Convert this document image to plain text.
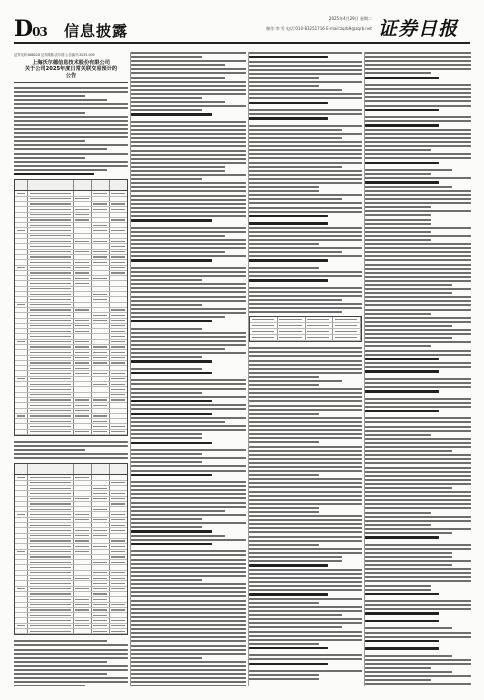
D03 信息披露
2025年4月29日 星期二
制作:李 雪 电话:010-83251716 E-mail:zqrb9@zqrb.net 证券日报
证券代码:688028 证券简称:沃尔德 公告编号:2025-009
上海沃尔德信息技术股份有限公司
关于公司2025年度日常关联交易预计的
公告
